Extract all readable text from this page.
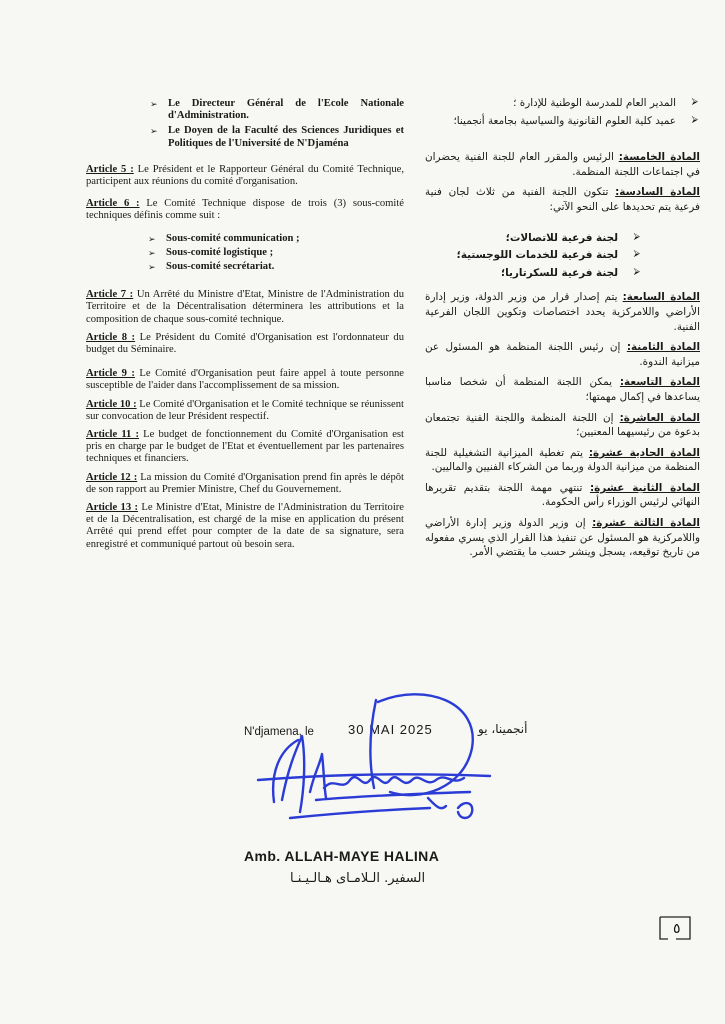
➢ Le Directeur Général de l'Ecole Nationale d'Administration.
➢ Le Doyen de la Faculté des Sciences Juridiques et Politiques de l'Université de N'Djaména

Article 5 : Le Président et le Rapporteur Général du Comité Technique, participent aux réunions du comité d'organisation.

Article 6 : Le Comité Technique dispose de trois (3) sous-comité techniques définis comme suit :

➢ Sous-comité communication ;
➢ Sous-comité logistique ;
➢ Sous-comité secrétariat.

Article 7 : Un Arrêté du Ministre d'Etat, Ministre de l'Administration du Territoire et de la Décentralisation déterminera les attributions et la composition de chaque sous-comité technique.

Article 8 : Le Président du Comité d'Organisation est l'ordonnateur du budget du Séminaire.

Article 9 : Le Comité d'Organisation peut faire appel à toute personne susceptible de l'aider dans l'accomplissement de sa mission.

Article 10 : Le Comité d'Organisation et le Comité technique se réunissent sur convocation de leur Président respectif.

Article 11 : Le budget de fonctionnement du Comité d'Organisation est pris en charge par le budget de l'Etat et éventuellement par les partenaires techniques et financiers.

Article 12 : La mission du Comité d'Organisation prend fin après le dépôt de son rapport au Premier Ministre, Chef du Gouvernement.

Article 13 : Le Ministre d'Etat, Ministre de l'Administration du Territoire et de la Décentralisation, est chargé de la mise en application du présent Arrêté qui prend effet pour compter de la date de sa signature, sera enregistré et communiqué partout où besoin sera.

⮚
المدير العام للمدرسة الوطنية للإدارة ؛
⮚
عميد كلية العلوم القانونية والسياسية بجامعة أنجمينا؛

المادة الخامسة: الرئيس والمقرر العام للجنة الفنية يحضران في اجتماعات اللجنة المنظمة.

المادة السادسة: تتكون اللجنة الفنية من ثلاث لجان فنية فرعية يتم تحديدها على النحو الآتي:

⮚
لجنة فرعية للاتصالات؛
⮚
لجنة فرعية للخدمات اللوجستية؛
⮚
لجنة فرعية للسكرتاريا؛

المادة السابعة: يتم إصدار قرار من وزير الدولة، وزير إدارة الأراضي واللامركزية يحدد اختصاصات وتكوين اللجان الفرعية الفنية.

المادة الثامنة: إن رئيس اللجنة المنظمة هو المسئول عن ميزانية الندوة.

المادة التاسعة: يمكن اللجنة المنظمة أن شخصا مناسبا يساعدها في إكمال مهمتها؛

المادة العاشرة: إن اللجنة المنظمة واللجنة الفنية تجتمعان بدعوة من رئيسيهما المعنيين؛

المادة الحادية عشرة: يتم تغطية الميزانية التشغيلية للجنة المنظمة من ميزانية الدولة وربما من الشركاء الفنيين والماليين.

المادة الثانية عشرة: تنتهي مهمة اللجنة بتقديم تقريرها النهائي لرئيس الوزراء رأس الحكومة.

المادة الثالثة عشرة: إن وزير الدولة وزير إدارة الأراضي واللامركزية هو المسئول عن تنفيذ هذا القرار الذي يسري مفعوله من تاريخ توقيعه، يسجل وينشر حسب ما يقتضي الأمر.

N'djamena, le	30 MAI 2025	أنجمينا، يو
Amb. ALLAH-MAYE HALINA
السفير. الـلامـاى هـالـيـنـا
٥
